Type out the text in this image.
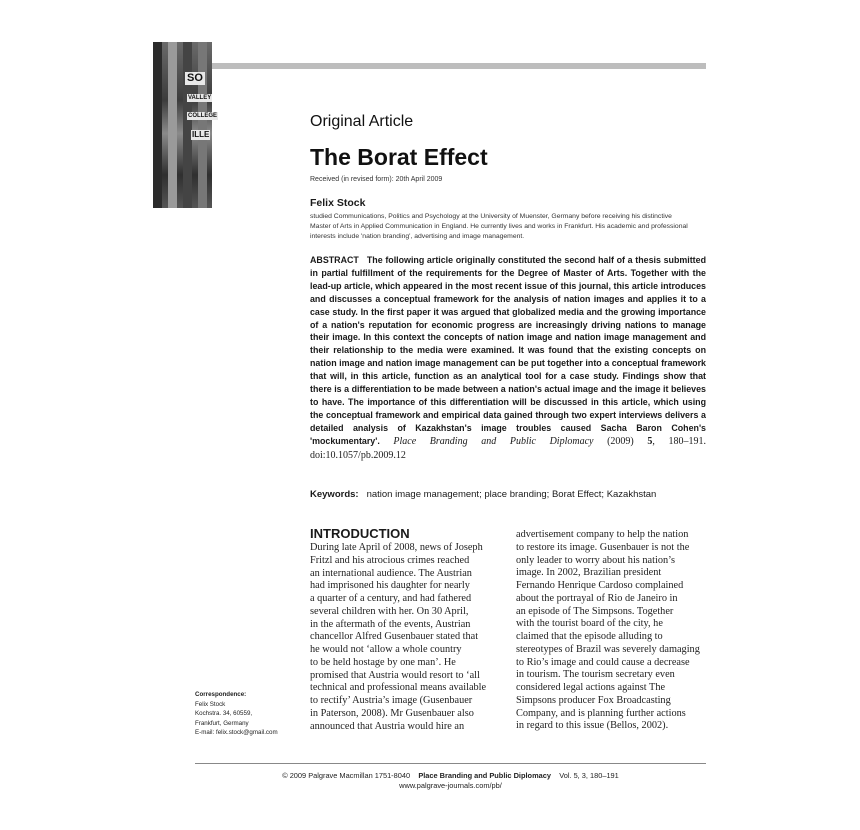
SO
VALLEY
COLLEGE
ILLE
Original Article
The Borat Effect
Received (in revised form): 20th April 2009
Felix Stock
studied Communications, Politics and Psychology at the University of Muenster, Germany before receiving his distinctive
Master of Arts in Applied Communication in England. He currently lives and works in Frankfurt. His academic and professional
interests include 'nation branding', advertising and image management.
ABSTRACT The following article originally constituted the second half of a thesis submitted in partial fulfillment of the requirements for the Degree of Master of Arts. Together with the lead-up article, which appeared in the most recent issue of this journal, this article introduces and discusses a conceptual framework for the analysis of nation images and applies it to a case study. In the first paper it was argued that globalized media and the growing importance of a nation's reputation for economic progress are increasingly driving nations to manage their image. In this context the concepts of nation image and nation image management and their relationship to the media were examined. It was found that the existing concepts on nation image and nation image management can be put together into a conceptual framework that will, in this article, function as an analytical tool for a case study. Findings show that there is a differentiation to be made between a nation's actual image and the image it believes to have. The importance of this differentiation will be discussed in this article, which using the conceptual framework and empirical data gained through two expert interviews delivers a detailed analysis of Kazakhstan's image troubles caused Sacha Baron Cohen's 'mockumentary'. Place Branding and Public Diplomacy (2009) 5, 180–191. doi:10.1057/pb.2009.12
Keywords: nation image management; place branding; Borat Effect; Kazakhstan
INTRODUCTION
During late April of 2008, news of Joseph
Fritzl and his atrocious crimes reached
an international audience. The Austrian
had imprisoned his daughter for nearly
a quarter of a century, and had fathered
several children with her. On 30 April,
in the aftermath of the events, Austrian
chancellor Alfred Gusenbauer stated that
he would not ‘allow a whole country
to be held hostage by one man’. He
promised that Austria would resort to ‘all
technical and professional means available
to rectify’ Austria’s image (Gusenbauer
in Paterson, 2008). Mr Gusenbauer also
announced that Austria would hire an
advertisement company to help the nation
to restore its image. Gusenbauer is not the
only leader to worry about his nation’s
image. In 2002, Brazilian president
Fernando Henrique Cardoso complained
about the portrayal of Rio de Janeiro in
an episode of The Simpsons. Together
with the tourist board of the city, he
claimed that the episode alluding to
stereotypes of Brazil was severely damaging
to Rio’s image and could cause a decrease
in tourism. The tourism secretary even
considered legal actions against The
Simpsons producer Fox Broadcasting
Company, and is planning further actions
in regard to this issue (Bellos, 2002).
Correspondence:
Felix Stock
Kochstra. 34, 60559,
Frankfurt, Germany
E-mail: felix.stock@gmail.com
© 2009 Palgrave Macmillan 1751-8040 Place Branding and Public Diplomacy Vol. 5, 3, 180–191
www.palgrave-journals.com/pb/
